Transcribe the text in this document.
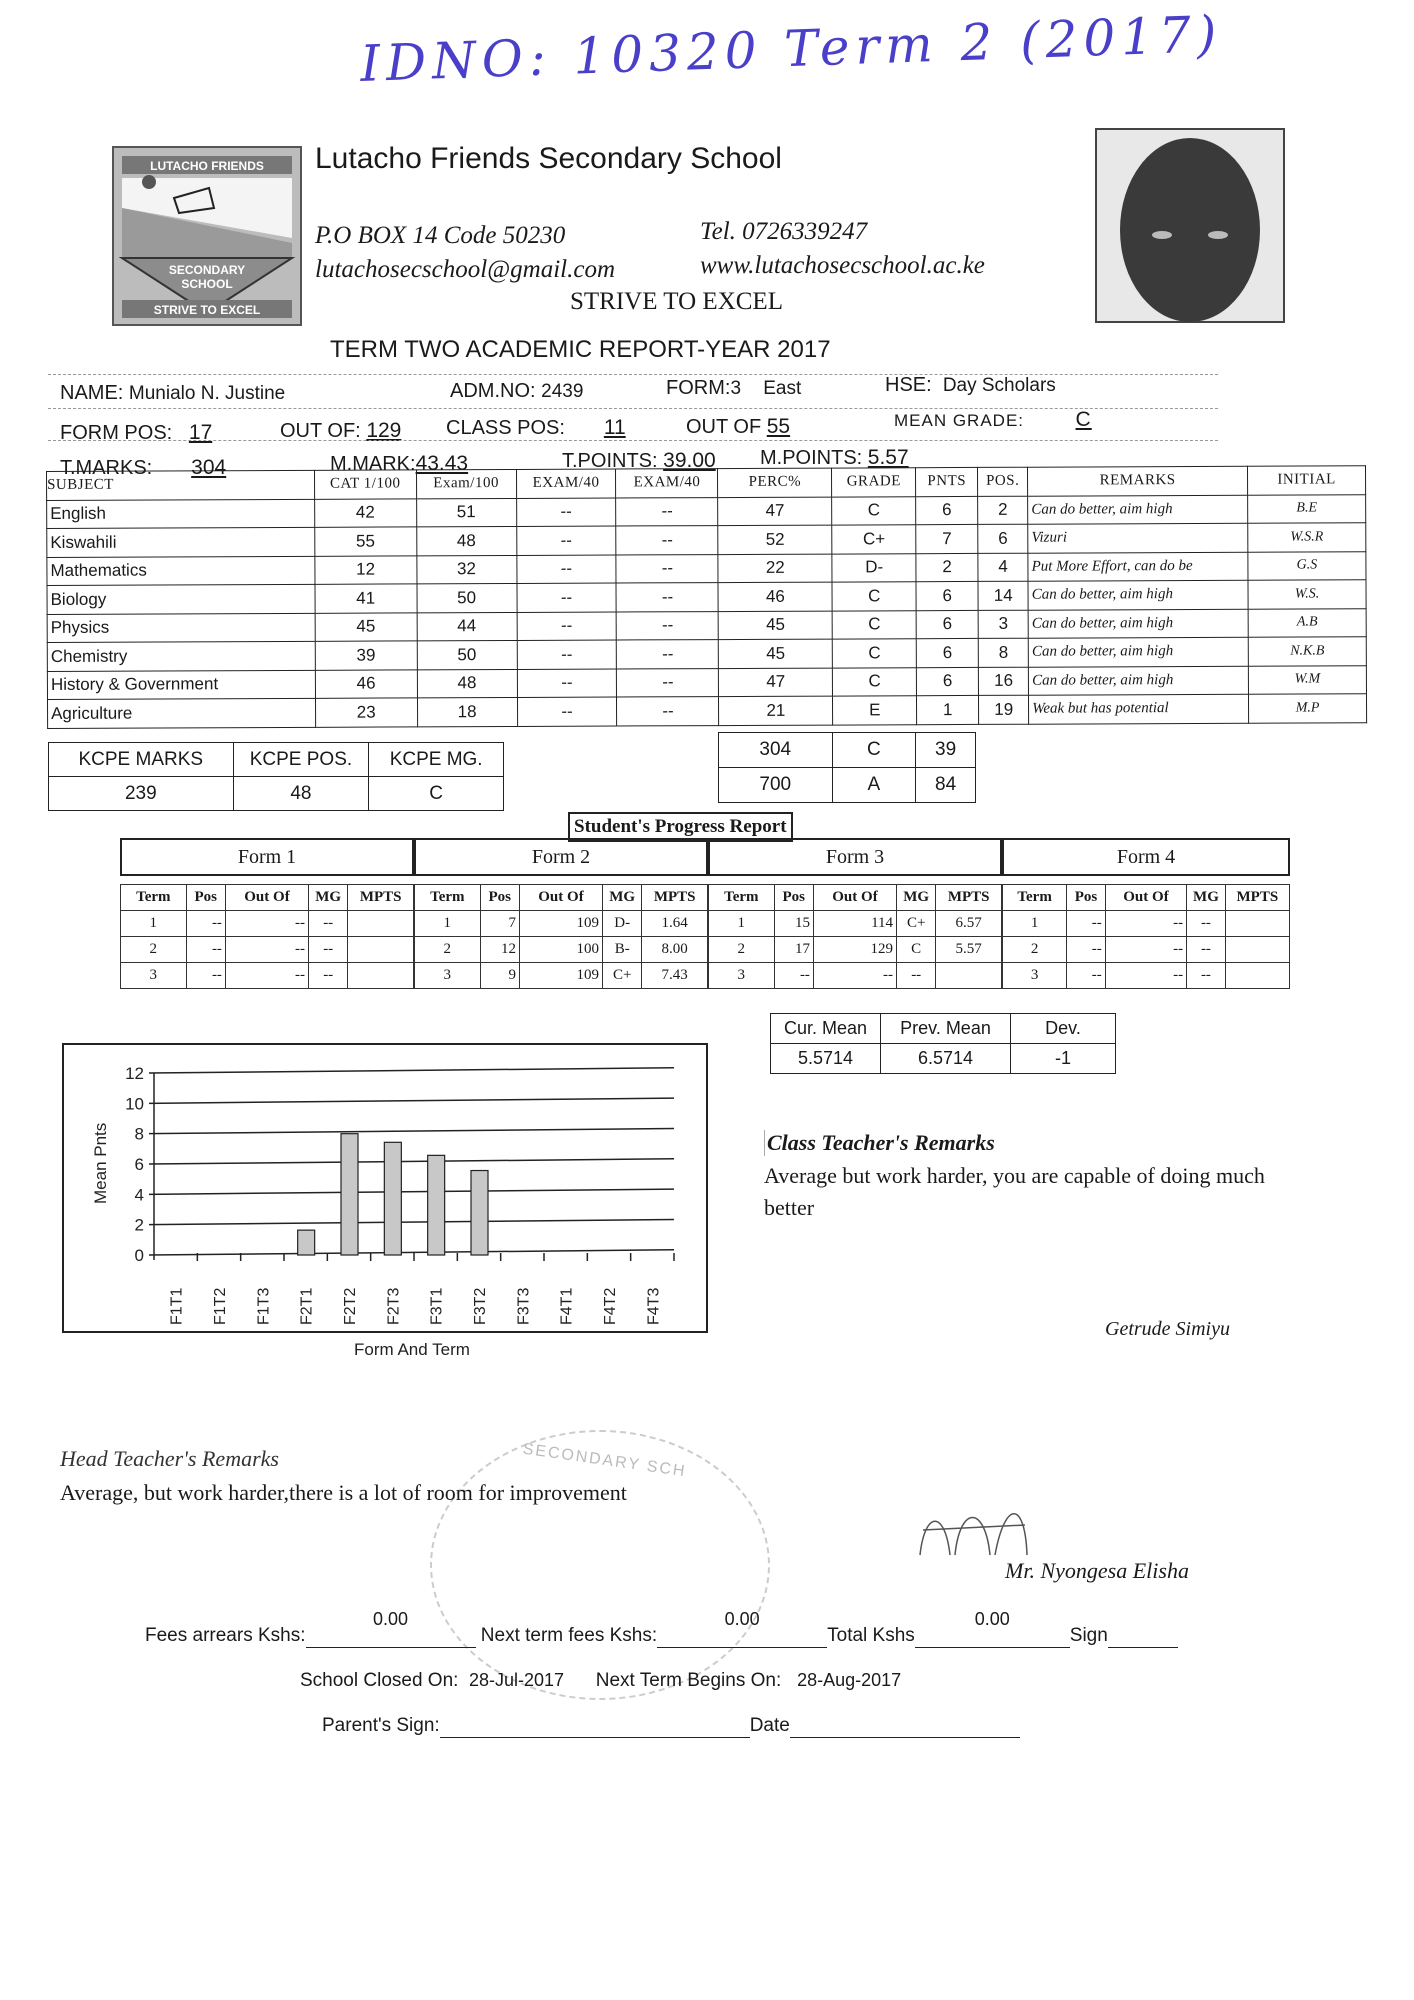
IDNO: 10320 Term 2 (2017)
LUTACHO FRIENDS
SECONDARY
SCHOOL
STRIVE TO EXCEL
Lutacho Friends Secondary School
P.O BOX 14 Code 50230	Tel. 0726339247
lutachosecschool@gmail.com	www.lutachosecschool.ac.ke
STRIVE TO EXCEL
TERM TWO ACADEMIC REPORT-YEAR 2017
NAME: Munialo N. Justine	ADM.NO: 2439	FORM:3 East	HSE: Day Scholars
FORM POS: 17	OUT OF: 129 CLASS POS: 11	OUT OF 55	MEAN GRADE: C
T.MARKS: 304	M.MARK:43.43	T.POINTS: 39.00 M.POINTS: 5.57
SUBJECT	CAT 1/100	Exam/100	EXAM/40	EXAM/40	PERC%	GRADE	PNTS	POS.	REMARKS	INITIAL
English	42	51	--	--	47	C	6	2	Can do better, aim high	B.E
Kiswahili	55	48	--	--	52	C+	7	6	Vizuri	W.S.R
Mathematics	12	32	--	--	22	D-	2	4	Put More Effort, can do be	G.S
Biology	41	50	--	--	46	C	6	14	Can do better, aim high	W.S.
Physics	45	44	--	--	45	C	6	3	Can do better, aim high	A.B
Chemistry	39	50	--	--	45	C	6	8	Can do better, aim high	N.K.B
History & Government	46	48	--	--	47	C	6	16	Can do better, aim high	W.M
Agriculture	23	18	--	--	21	E	1	19	Weak but has potential	M.P
304	C	39
700	A	84
KCPE MARKS	KCPE POS.	KCPE MG.
239	48	C
Student's Progress Report
Form 1	Form 2	Form 3	Form 4
Term	Pos	Out Of	MG	MPTS
1	--	--	--	
2	--	--	--	
3	--	--	--	
Term	Pos	Out Of	MG	MPTS
1	7	109	D-	1.64
2	12	100	B-	8.00
3	9	109	C+	7.43
Term	Pos	Out Of	MG	MPTS
1	15	114	C+	6.57
2	17	129	C	5.57
3	--	--	--	
Term	Pos	Out Of	MG	MPTS
1	--	--	--	
2	--	--	--	
3	--	--	--	
Cur. Mean	Prev. Mean	Dev.
5.5714	6.5714	-1
0
2
4
6
8
10
12
F1T1 F1T2 F1T3 F2T1 F2T2 F2T3 F3T1 F3T2 F3T3 F4T1 F4T2 F4T3
Mean Pnts
Form And Term
Class Teacher's Remarks
Average but work harder, you are capable of doing much better
Getrude Simiyu
SECONDARY SCH
Head Teacher's Remarks
Average, but work harder,there is a lot of room for improvement
Mr. Nyongesa Elisha
Fees arrears Kshs:
0.00
Next term fees Kshs:
0.00
Total Kshs
0.00
Sign
School Closed On: 28-Jul-2017 Next Term Begins On: 28-Aug-2017
Parent's Sign:	Date
